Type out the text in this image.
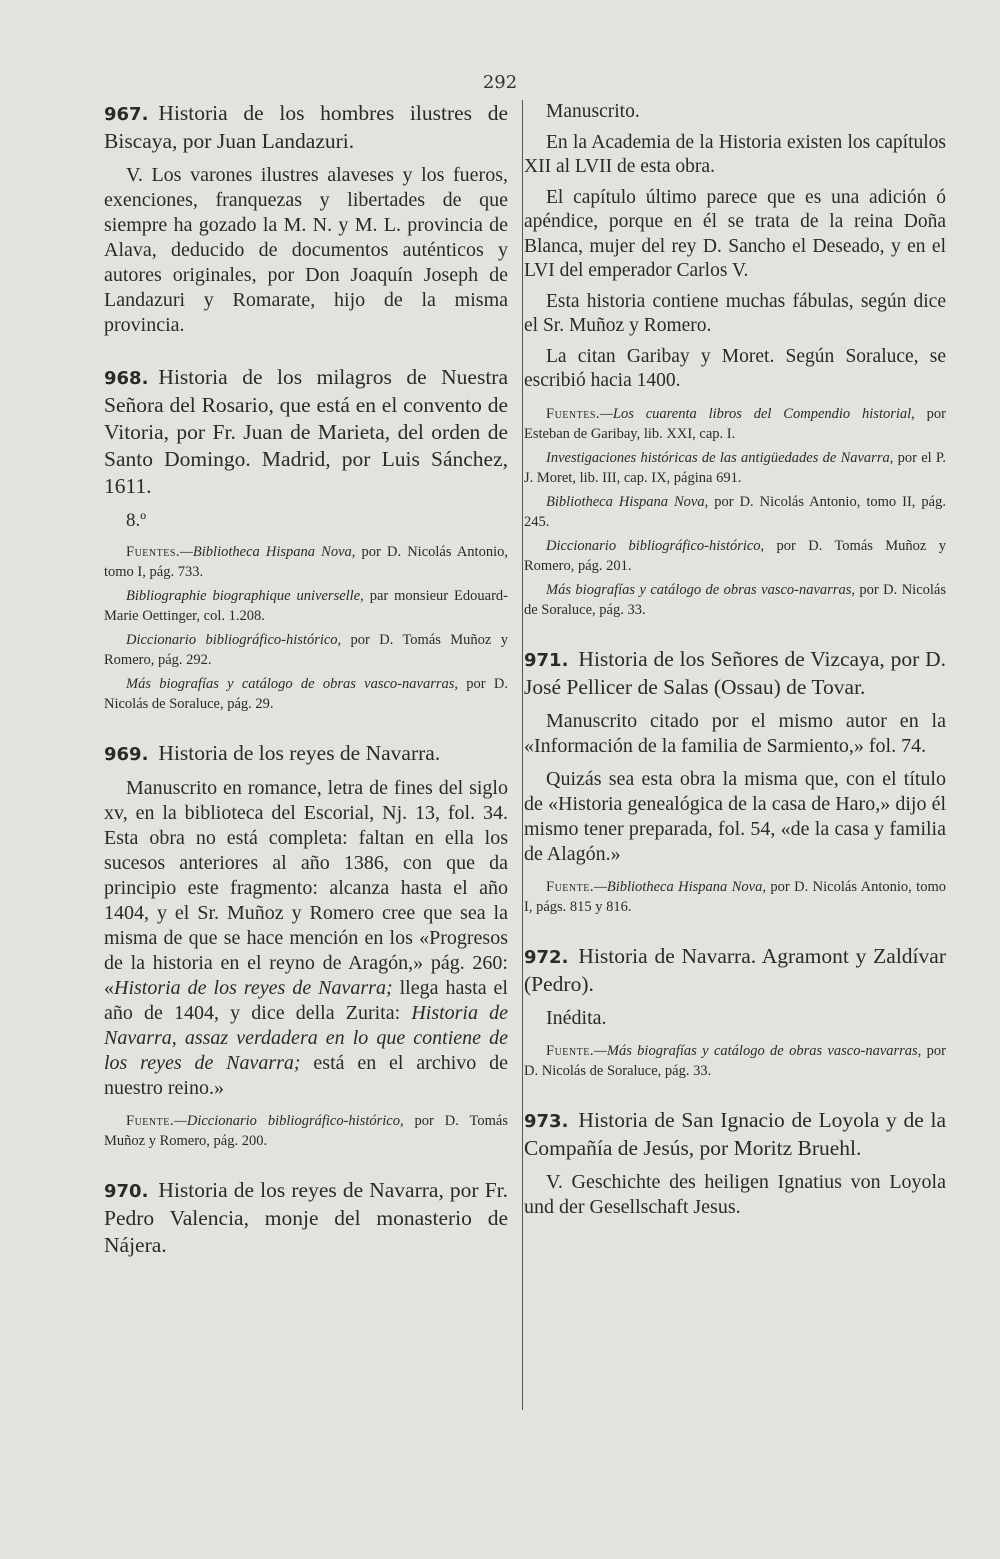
292

967. Historia de los hombres ilustres de Biscaya, por Juan Landazuri.

V. Los varones ilustres alaveses y los fueros, exenciones, franquezas y libertades de que siempre ha gozado la M. N. y M. L. provincia de Alava, deducido de documentos auténticos y autores originales, por Don Joaquín Joseph de Landazuri y Romarate, hijo de la misma provincia.

968. Historia de los milagros de Nuestra Señora del Rosario, que está en el convento de Vitoria, por Fr. Juan de Marieta, del orden de Santo Domingo. Madrid, por Luis Sánchez, 1611.

8.º

Fuentes.—Bibliotheca Hispana Nova, por D. Nicolás Antonio, tomo I, pág. 733.

Bibliographie biographique universelle, par monsieur Edouard-Marie Oettinger, col. 1.208.

Diccionario bibliográfico-histórico, por D. Tomás Muñoz y Romero, pág. 292.

Más biografías y catálogo de obras vasco-navarras, por D. Nicolás de Soraluce, pág. 29.

969. Historia de los reyes de Navarra.

Manuscrito en romance, letra de fines del siglo xv, en la biblioteca del Escorial, Nj. 13, fol. 34. Esta obra no está completa: faltan en ella los sucesos anteriores al año 1386, con que da principio este fragmento: alcanza hasta el año 1404, y el Sr. Muñoz y Romero cree que sea la misma de que se hace mención en los «Progresos de la historia en el reyno de Aragón,» pág. 260: «Historia de los reyes de Navarra; llega hasta el año de 1404, y dice della Zurita: Historia de Navarra, assaz verdadera en lo que contiene de los reyes de Navarra; está en el archivo de nuestro reino.»

Fuente.—Diccionario bibliográfico-histórico, por D. Tomás Muñoz y Romero, pág. 200.

970. Historia de los reyes de Navarra, por Fr. Pedro Valencia, monje del monasterio de Nájera.

Manuscrito.

En la Academia de la Historia existen los capítulos XII al LVII de esta obra.

El capítulo último parece que es una adición ó apéndice, porque en él se trata de la reina Doña Blanca, mujer del rey D. Sancho el Deseado, y en el LVI del emperador Carlos V.

Esta historia contiene muchas fábulas, según dice el Sr. Muñoz y Romero.

La citan Garibay y Moret. Según Soraluce, se escribió hacia 1400.

Fuentes.—Los cuarenta libros del Compendio historial, por Esteban de Garibay, lib. XXI, cap. I.

Investigaciones históricas de las antigüedades de Navarra, por el P. J. Moret, lib. III, cap. IX, página 691.

Bibliotheca Hispana Nova, por D. Nicolás Antonio, tomo II, pág. 245.

Diccionario bibliográfico-histórico, por D. Tomás Muñoz y Romero, pág. 201.

Más biografías y catálogo de obras vasco-navarras, por D. Nicolás de Soraluce, pág. 33.

971. Historia de los Señores de Vizcaya, por D. José Pellicer de Salas (Ossau) de Tovar.

Manuscrito citado por el mismo autor en la «Información de la familia de Sarmiento,» fol. 74.

Quizás sea esta obra la misma que, con el título de «Historia genealógica de la casa de Haro,» dijo él mismo tener preparada, fol. 54, «de la casa y familia de Alagón.»

Fuente.—Bibliotheca Hispana Nova, por D. Nicolás Antonio, tomo I, págs. 815 y 816.

972. Historia de Navarra. Agramont y Zaldívar (Pedro).

Inédita.

Fuente.—Más biografías y catálogo de obras vasco-navarras, por D. Nicolás de Soraluce, pág. 33.

973. Historia de San Ignacio de Loyola y de la Compañía de Jesús, por Moritz Bruehl.

V. Geschichte des heiligen Ignatius von Loyola und der Gesellschaft Jesus.
